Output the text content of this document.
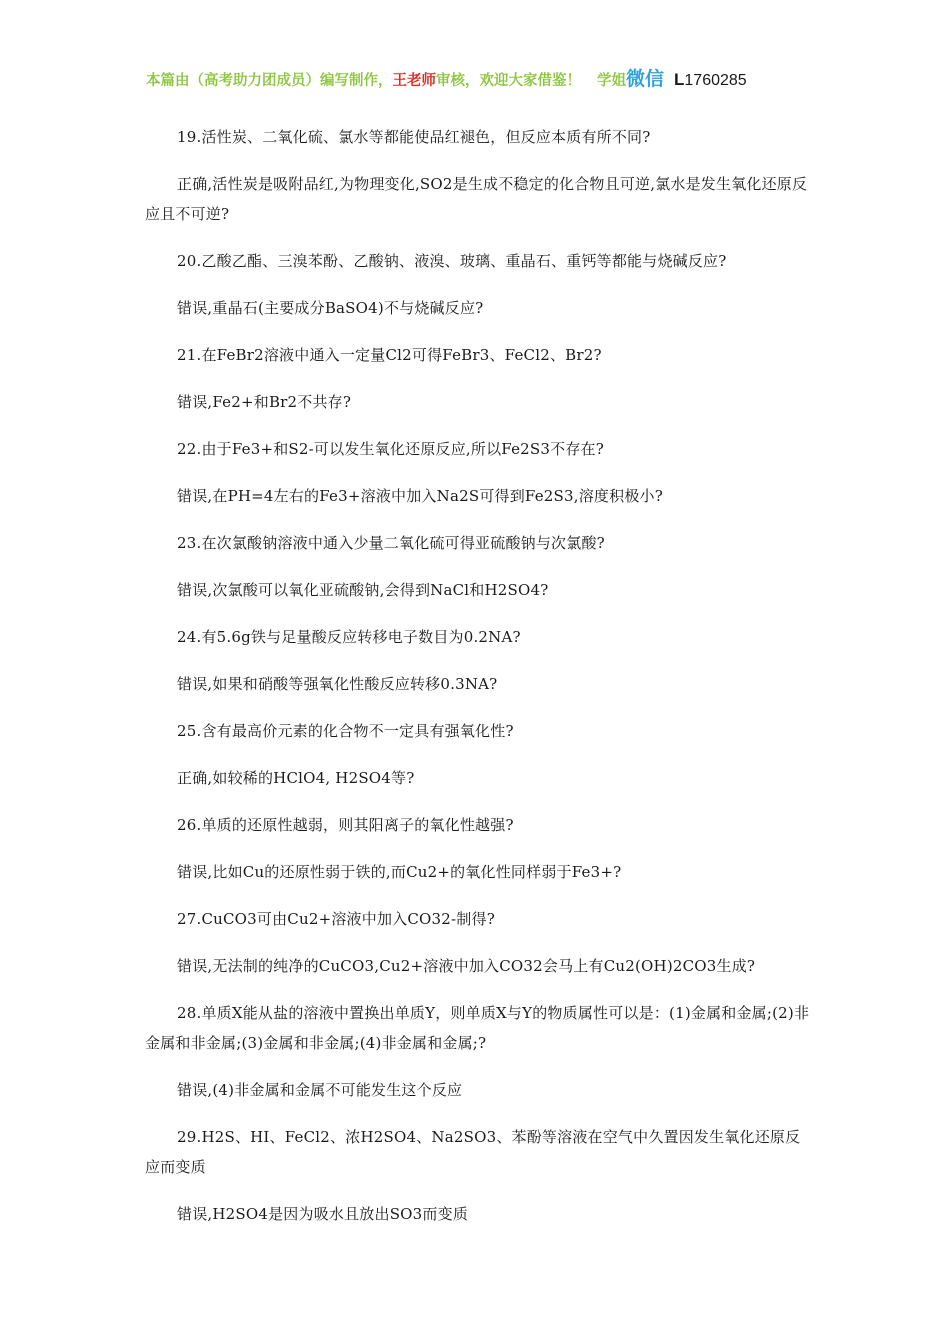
本篇由（高考助力团成员）编写制作，王老师审核，欢迎大家借鉴！ 学姐微信 L1760285

19.活性炭、二氧化硫、氯水等都能使品红褪色，但反应本质有所不同?

正确,活性炭是吸附品红,为物理变化,SO2是生成不稳定的化合物且可逆,氯水是发生氧化还原反应且不可逆?

20.乙酸乙酯、三溴苯酚、乙酸钠、液溴、玻璃、重晶石、重钙等都能与烧碱反应?

错误,重晶石(主要成分BaSO4)不与烧碱反应?

21.在FeBr2溶液中通入一定量Cl2可得FeBr3、FeCl2、Br2?

错误,Fe2+和Br2不共存?

22.由于Fe3+和S2-可以发生氧化还原反应,所以Fe2S3不存在?

错误,在PH=4左右的Fe3+溶液中加入Na2S可得到Fe2S3,溶度积极小?

23.在次氯酸钠溶液中通入少量二氧化硫可得亚硫酸钠与次氯酸?

错误,次氯酸可以氧化亚硫酸钠,会得到NaCl和H2SO4?

24.有5.6g铁与足量酸反应转移电子数目为0.2NA?

错误,如果和硝酸等强氧化性酸反应转移0.3NA?

25.含有最高价元素的化合物不一定具有强氧化性?

正确,如较稀的HClO4, H2SO4等?

26.单质的还原性越弱，则其阳离子的氧化性越强?

错误,比如Cu的还原性弱于铁的,而Cu2+的氧化性同样弱于Fe3+?

27.CuCO3可由Cu2+溶液中加入CO32-制得?

错误,无法制的纯净的CuCO3,Cu2+溶液中加入CO32会马上有Cu2(OH)2CO3生成?

28.单质X能从盐的溶液中置换出单质Y，则单质X与Y的物质属性可以是：(1)金属和金属;(2)非金属和非金属;(3)金属和非金属;(4)非金属和金属;?

错误,(4)非金属和金属不可能发生这个反应

29.H2S、HI、FeCl2、浓H2SO4、Na2SO3、苯酚等溶液在空气中久置因发生氧化还原反应而变质

错误,H2SO4是因为吸水且放出SO3而变质
